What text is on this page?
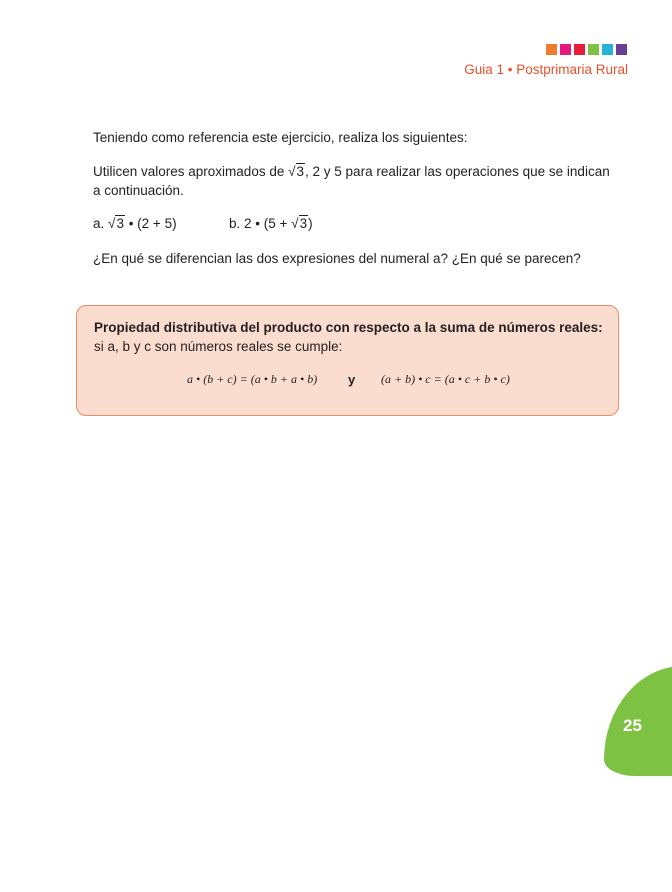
Guia 1 • Postprimaria Rural
Teniendo como referencia este ejercicio, realiza los siguientes:
Utilicen valores aproximados de √3, 2 y 5 para realizar las operaciones que se indican a continuación.
a. √3 • (2 + 5)	b. 2 • (5 + √3)
¿En qué se diferencian las dos expresiones del numeral a? ¿En qué se parecen?
Propiedad distributiva del producto con respecto a la suma de números reales: si a, b y c son números reales se cumple:
a • (b + c) = (a • b + a • b) y (a + b) • c = (a • c + b • c)
25
